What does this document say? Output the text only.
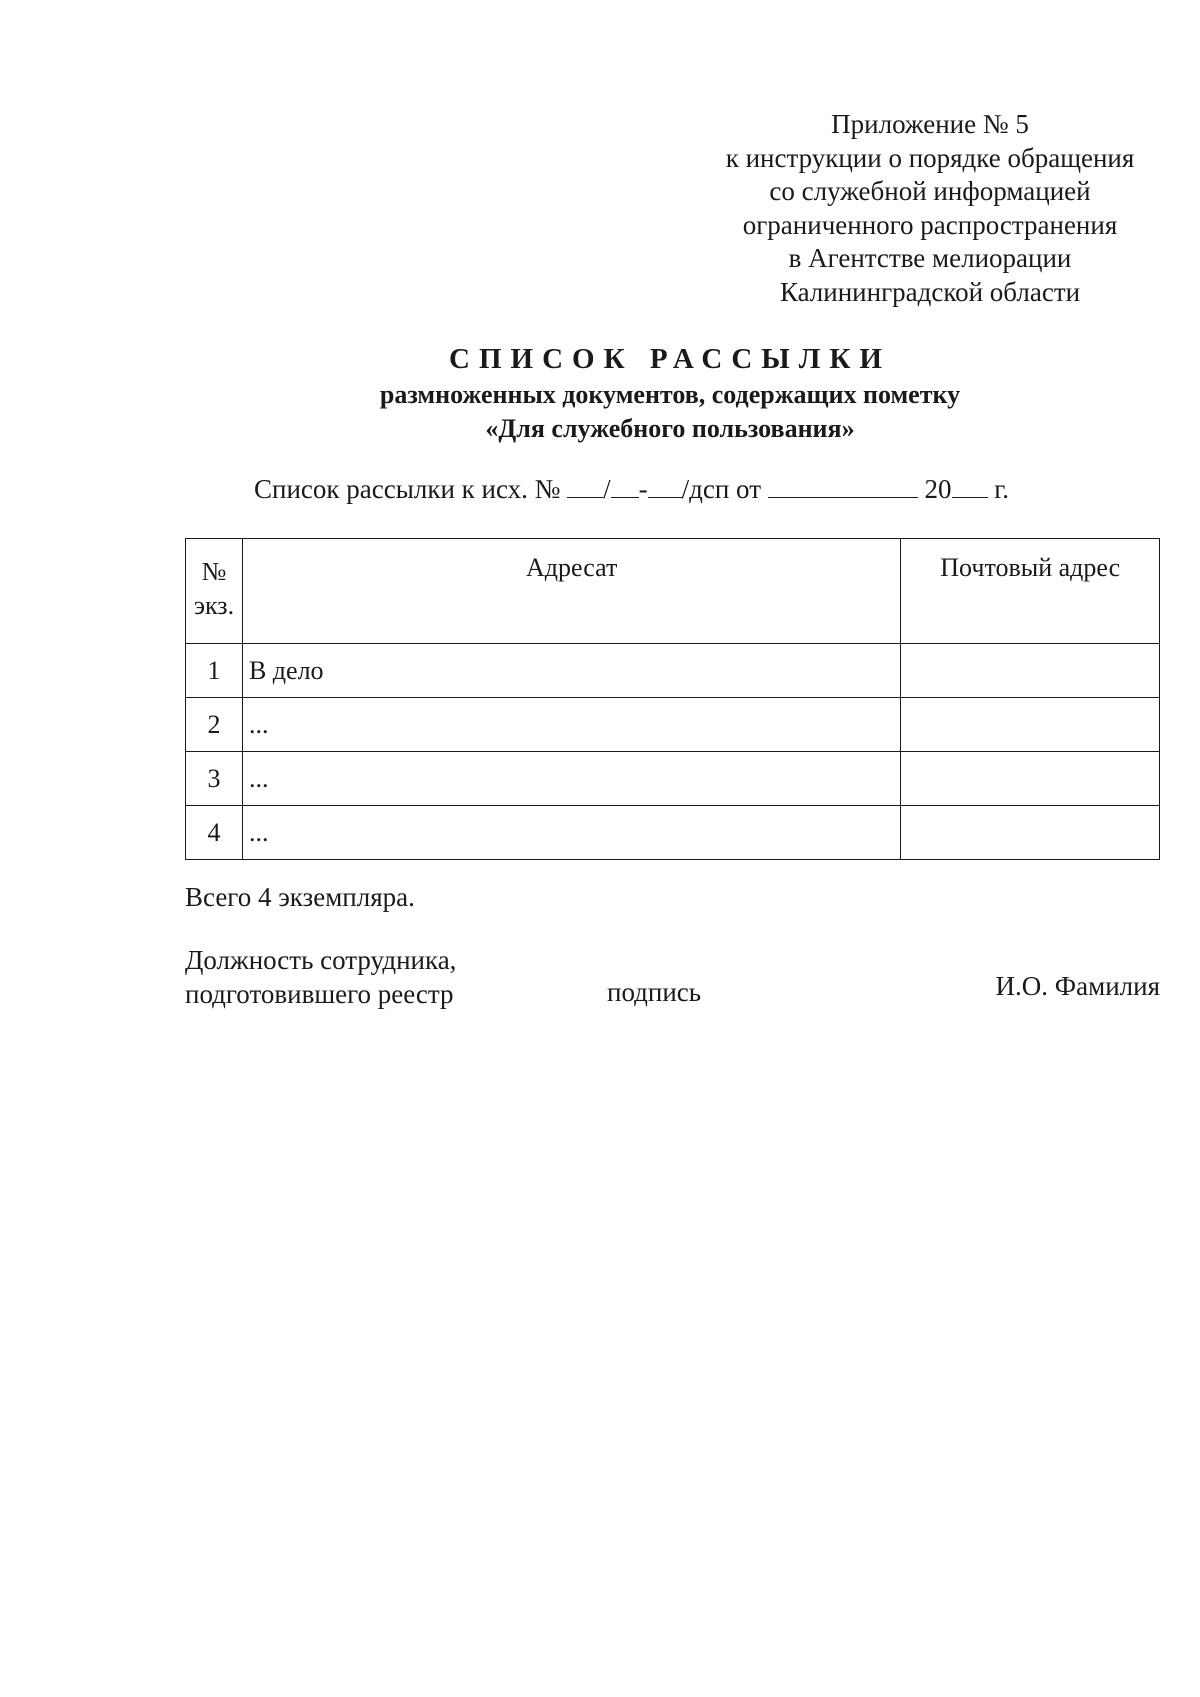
Приложение № 5
к инструкции о порядке обращения
со служебной информацией
ограниченного распространения
в Агентстве мелиорации
Калининградской области
СПИСОК РАССЫЛКИ
размноженных документов, содержащих пометку
«Для служебного пользования»
Список рассылки к исх. № / - /дсп от	20 г.
№
экз.	Адресат	Почтовый адрес
1	В дело	
2	...	
3	...	
4	...	
Всего 4 экземпляра.
Должность сотрудника,
подготовившего реестр	подпись	И.О. Фамилия
